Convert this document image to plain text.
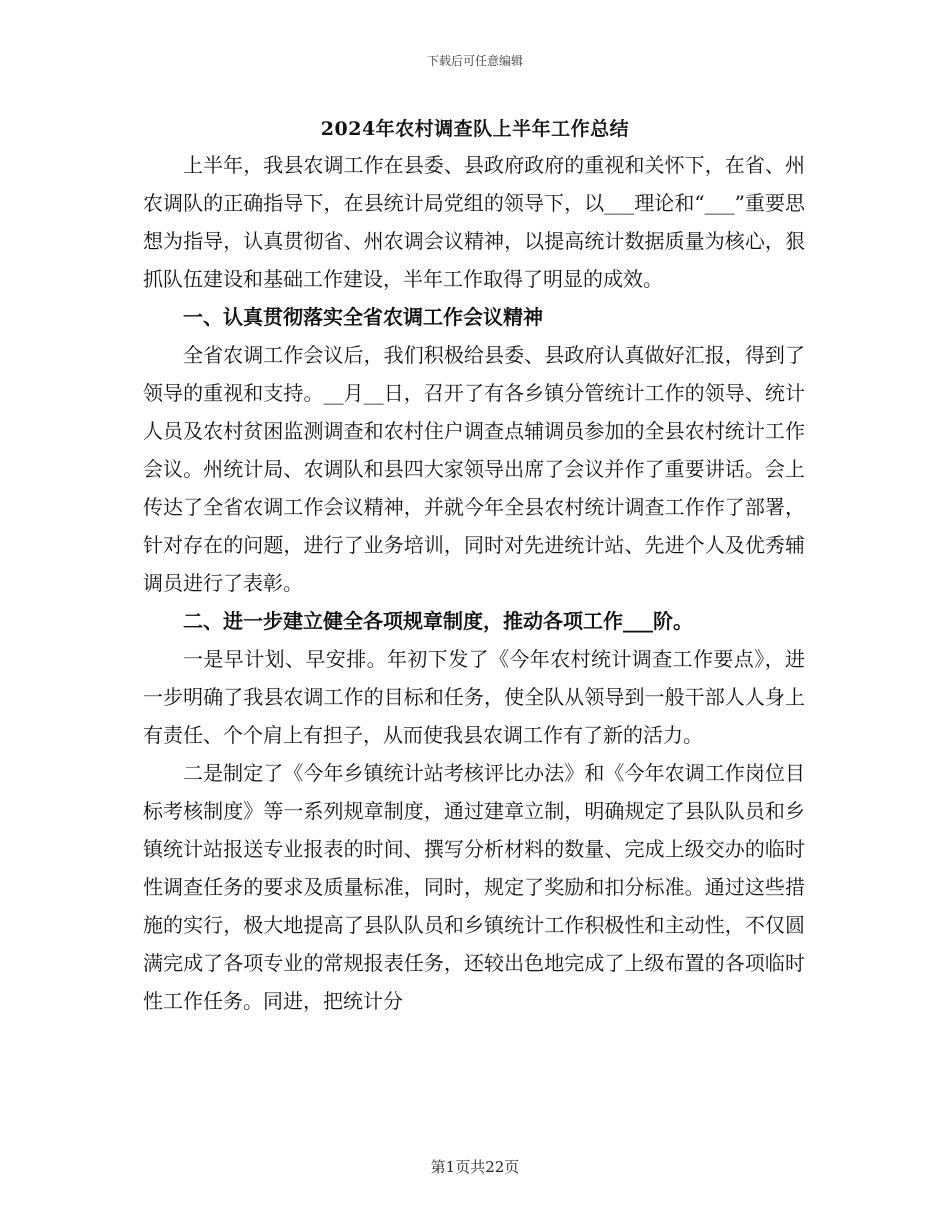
下载后可任意编辑
2024年农村调查队上半年工作总结

上半年，我县农调工作在县委、县政府政府的重视和关怀下，在省、州农调队的正确指导下，在县统计局党组的领导下，以___理论和“___”重要思想为指导，认真贯彻省、州农调会议精神，以提高统计数据质量为核心，狠抓队伍建设和基础工作建设，半年工作取得了明显的成效。

一、认真贯彻落实全省农调工作会议精神

全省农调工作会议后，我们积极给县委、县政府认真做好汇报，得到了领导的重视和支持。__月__日，召开了有各乡镇分管统计工作的领导、统计人员及农村贫困监测调查和农村住户调查点辅调员参加的全县农村统计工作会议。州统计局、农调队和县四大家领导出席了会议并作了重要讲话。会上传达了全省农调工作会议精神，并就今年全县农村统计调查工作作了部署，针对存在的问题，进行了业务培训，同时对先进统计站、先进个人及优秀辅调员进行了表彰。

二、进一步建立健全各项规章制度，推动各项工作___阶。

一是早计划、早安排。年初下发了《今年农村统计调查工作要点》，进一步明确了我县农调工作的目标和任务，使全队从领导到一般干部人人身上有责任、个个肩上有担子，从而使我县农调工作有了新的活力。

二是制定了《今年乡镇统计站考核评比办法》和《今年农调工作岗位目标考核制度》等一系列规章制度，通过建章立制，明确规定了县队队员和乡镇统计站报送专业报表的时间、撰写分析材料的数量、完成上级交办的临时性调查任务的要求及质量标准，同时，规定了奖励和扣分标准。通过这些措施的实行，极大地提高了县队队员和乡镇统计工作积极性和主动性，不仅圆满完成了各项专业的常规报表任务，还较出色地完成了上级布置的各项临时性工作任务。同进，把统计分

第1页共22页
